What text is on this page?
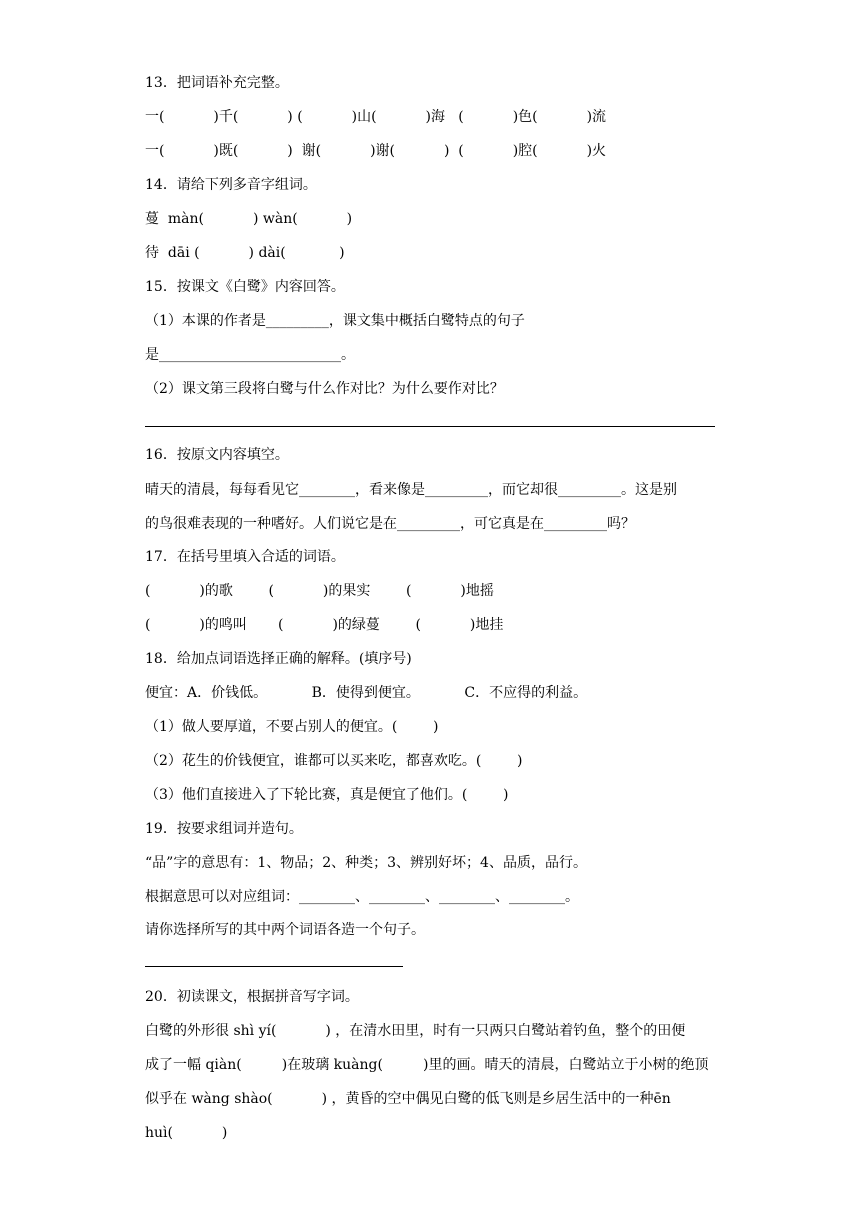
13．把词语补充完整。
一(           )千(           ) (           )山(           )海   (           )色(           )流
一(           )既(           )  谢(           )谢(           )  (           )腔(           )火
14．请给下列多音字组词。
蔓  màn(           ) wàn(           )
待  dāi (           ) dài(            )
15．按课文《白鹭》内容回答。
（1）本课的作者是_________，课文集中概括白鹭特点的句子
是__________________________。
（2）课文第三段将白鹭与什么作对比？为什么要作对比？
16．按原文内容填空。
晴天的清晨，每每看见它________，看来像是_________，而它却很_________。这是别
的鸟很难表现的一种嗜好。人们说它是在_________，可它真是在_________吗？
17．在括号里填入合适的词语。
(           )的歌        (           )的果实        (           )地摇
(           )的鸣叫       (           )的绿蔓        (           )地挂
18．给加点词语选择正确的解释。(填序号)
便宜：A．价钱低。          B．使得到便宜。          C．不应得的利益。
（1）做人要厚道，不要占别人的便宜。(        )
（2）花生的价钱便宜，谁都可以买来吃，都喜欢吃。(        )
（3）他们直接进入了下轮比赛，真是便宜了他们。(        )
19．按要求组词并造句。
“品”字的意思有：1、物品；2、种类；3、辨别好坏；4、品质，品行。
根据意思可以对应组词：________、________、________、________。
请你选择所写的其中两个词语各造一个句子。
20．初读课文，根据拼音写字词。
白鹭的外形很 shì yí(           ) ，在清水田里，时有一只两只白鹭站着钓鱼，整个的田便
成了一幅 qiàn(         )在玻璃 kuàng(         )里的画。晴天的清晨，白鹭站立于小树的绝顶
似乎在 wàng shào(           ) ，黄昏的空中偶见白鹭的低飞则是乡居生活中的一种ēn
huì(           )
